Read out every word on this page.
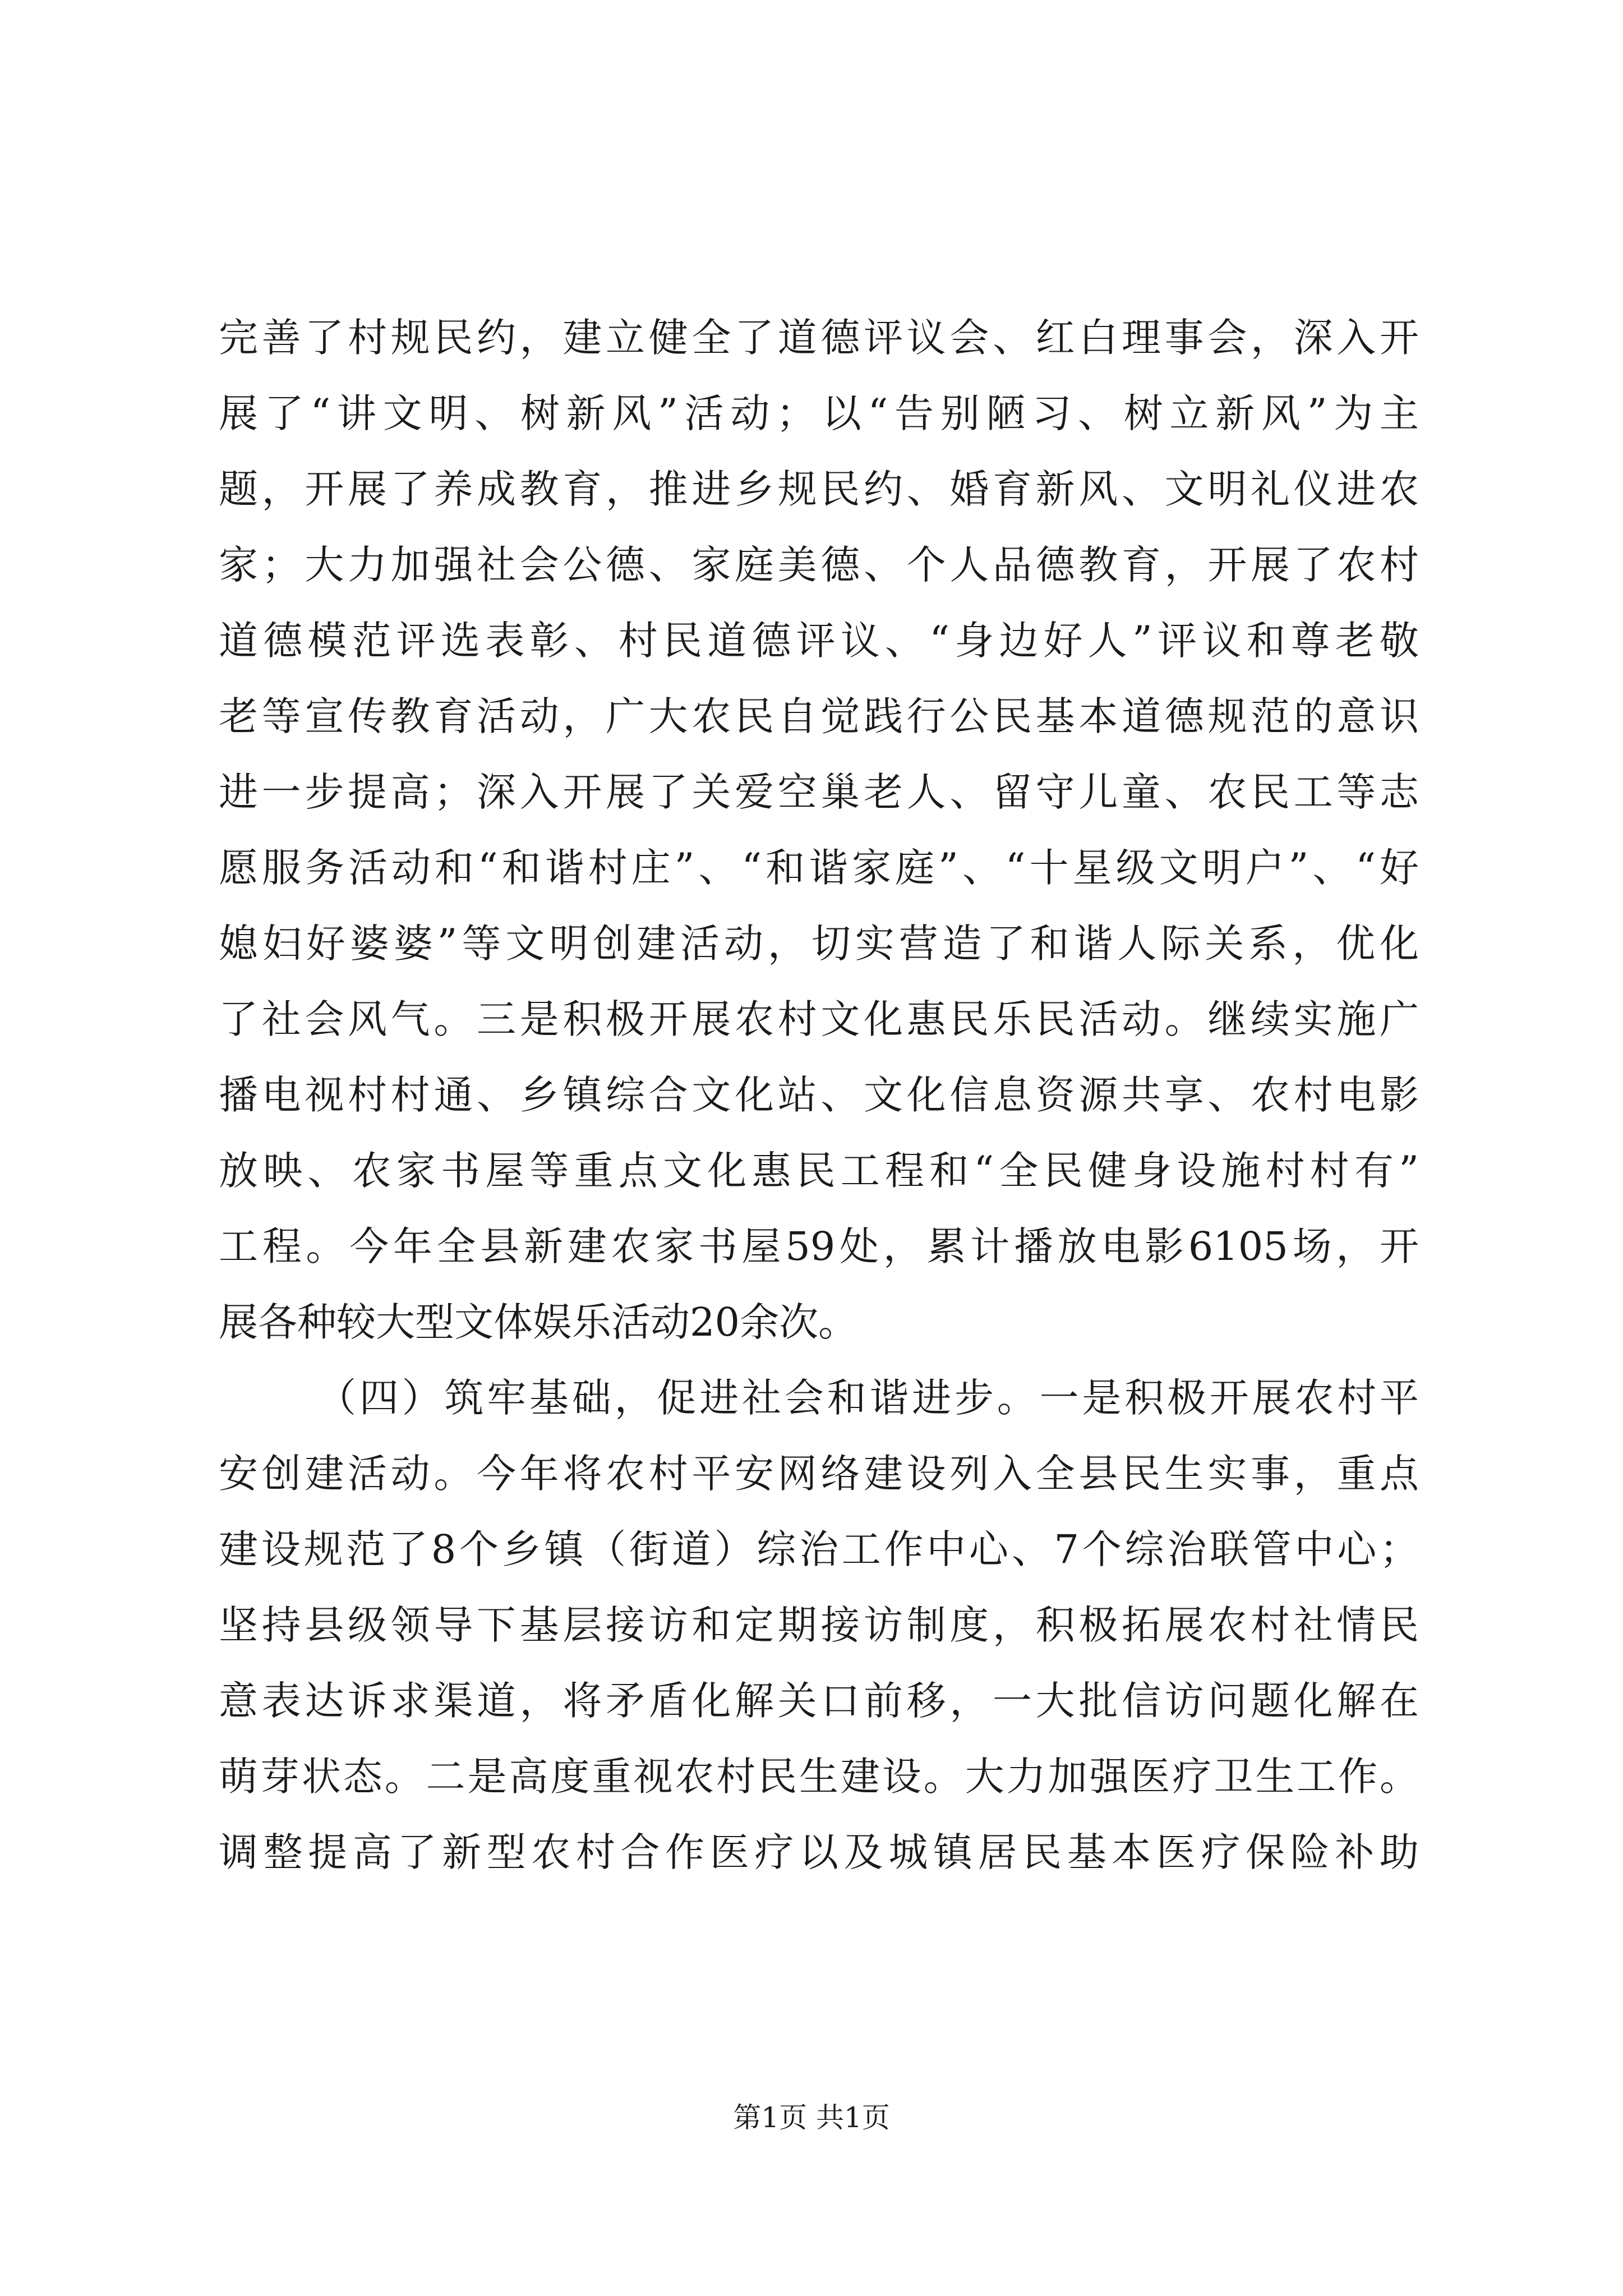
完善了村规民约，建立健全了道德评议会、红白理事会，深入开
展了“讲文明、树新风”活动；以“告别陋习、树立新风”为主
题，开展了养成教育，推进乡规民约、婚育新风、文明礼仪进农
家；大力加强社会公德、家庭美德、个人品德教育，开展了农村
道德模范评选表彰、村民道德评议、“身边好人”评议和尊老敬
老等宣传教育活动，广大农民自觉践行公民基本道德规范的意识
进一步提高；深入开展了关爱空巢老人、留守儿童、农民工等志
愿服务活动和“和谐村庄”、“和谐家庭”、“十星级文明户”、“好
媳妇好婆婆”等文明创建活动，切实营造了和谐人际关系，优化
了社会风气。三是积极开展农村文化惠民乐民活动。继续实施广
播电视村村通、乡镇综合文化站、文化信息资源共享、农村电影
放映、农家书屋等重点文化惠民工程和“全民健身设施村村有”
工程。今年全县新建农家书屋59处，累计播放电影6105场，开
展各种较大型文体娱乐活动20余次。
（四）筑牢基础，促进社会和谐进步。一是积极开展农村平
安创建活动。今年将农村平安网络建设列入全县民生实事，重点
建设规范了8个乡镇（街道）综治工作中心、7个综治联管中心；
坚持县级领导下基层接访和定期接访制度，积极拓展农村社情民
意表达诉求渠道，将矛盾化解关口前移，一大批信访问题化解在
萌芽状态。二是高度重视农村民生建设。大力加强医疗卫生工作。
调整提高了新型农村合作医疗以及城镇居民基本医疗保险补助
第1页 共1页
